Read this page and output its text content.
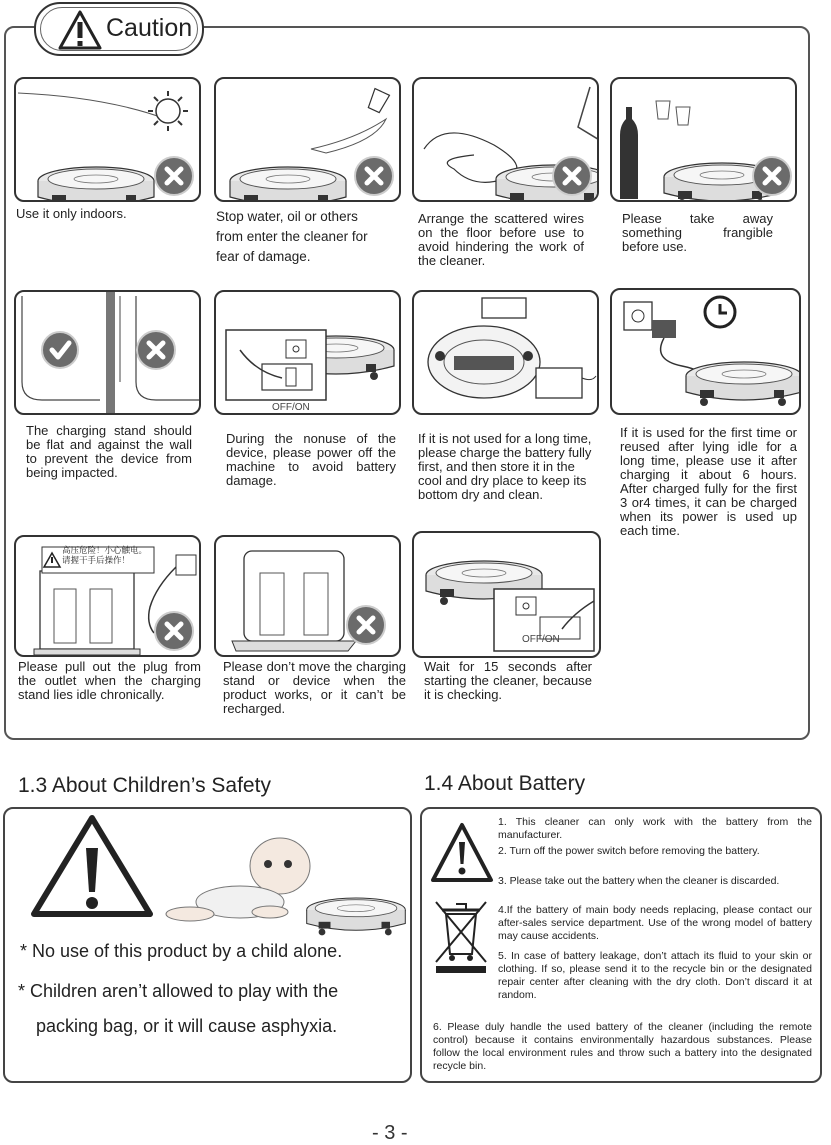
Caution
Use it only indoors.	Stop water, oil or others from enter the cleaner for fear of damage.
Arrange the scattered wires on the floor before use to avoid hindering the work of the cleaner.
Please take away something frangible before use.
The charging stand should be flat and against the wall to prevent the device from being impacted.
OFF/ON
During the nonuse of the device, please power off the machine to avoid battery damage.
If it is not used for a long time, please charge the battery fully first, and then store it in the cool and dry place to keep its bottom dry and clean.
If it is used for the first time or reused after lying idle for a long time, please use it after charging it about 6 hours. After charged fully for the first 3 or4 times, it can be charged when its power is used up each time.
高压危险！小心触电。
请握干手后操作！
Please pull out the plug from the outlet when the charging stand lies idle chronically.
Please don’t move the charging stand or device when the product works, or it can’t be recharged.
OFF/ON
Wait for 15 seconds after starting the cleaner, because it is checking.
1.3 About Children’s Safety
* No use of this product by a child alone.
* Children aren’t allowed to play with the
packing bag, or it will cause asphyxia.
1.4 About Battery
1. This cleaner can only work with the battery from the manufacturer.
2. Turn off the power switch before removing the battery.
3. Please take out the battery when the cleaner is discarded.
4.If the battery of main body needs replacing, please contact our after-sales service department. Use of the wrong model of battery may cause accidents.
5. In case of battery leakage, don’t attach its fluid to your skin or clothing. If so, please send it to the recycle bin or the designated repair center after cleaning with the dry cloth. Don’t discard it at random.
6. Please duly handle the used battery of the cleaner (including the remote control) because it contains environmentally hazardous substances. Please follow the local environment rules and throw such a battery into the designated recycle bin.
- 3 -
